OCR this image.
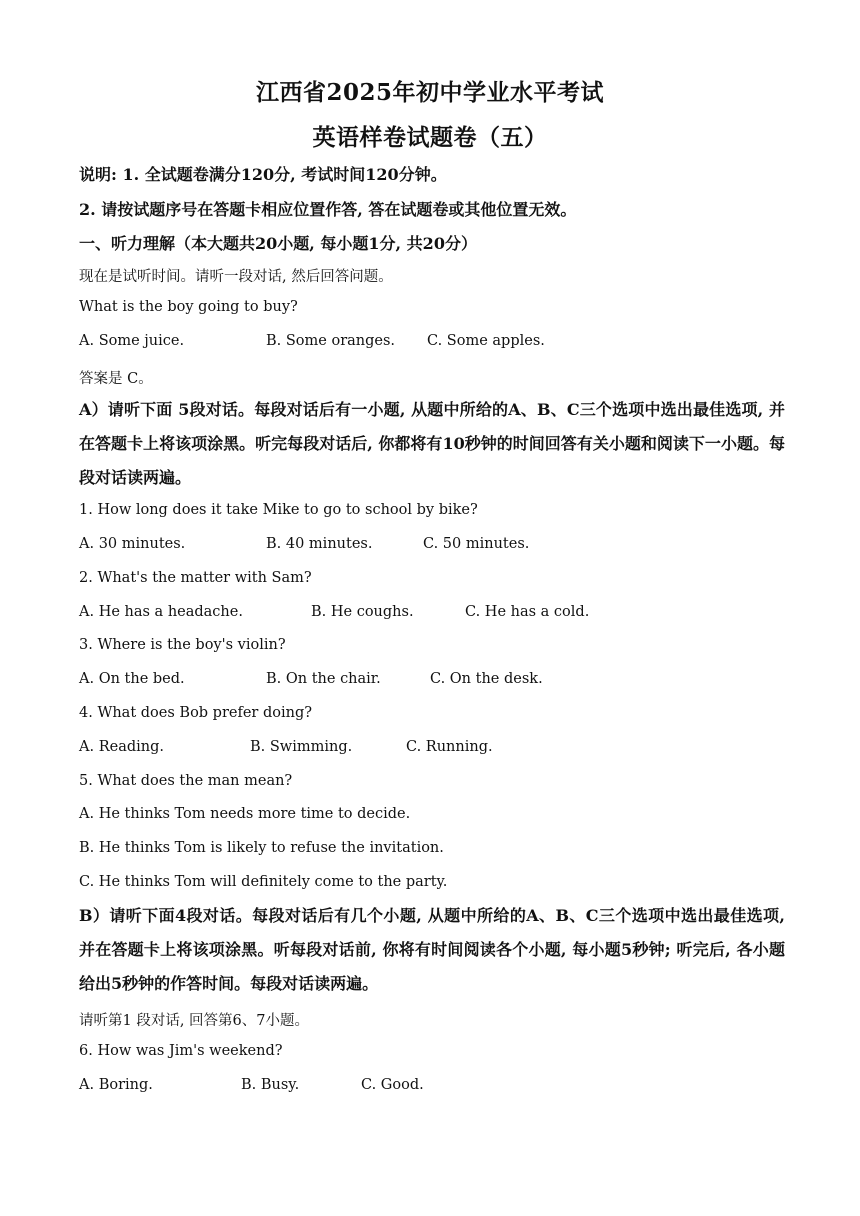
江西省2025年初中学业水平考试
英语样卷试题卷（五）
说明: 1. 全试题卷满分120分, 考试时间120分钟。
2. 请按试题序号在答题卡相应位置作答, 答在试题卷或其他位置无效。
一、听力理解（本大题共20小题, 每小题1分, 共20分）
现在是试听时间。请听一段对话, 然后回答问题。
What is the boy going to buy?
A. Some juice.	B. Some oranges. C. Some apples.
答案是 C。
A）请听下面 5段对话。每段对话后有一小题, 从题中所给的A、B、C三个选项中选出最佳选项, 并在答题卡上将该项涂黑。听完每段对话后, 你都将有10秒钟的时间回答有关小题和阅读下一小题。每段对话读两遍。
1. How long does it take Mike to go to school by bike?
A. 30 minutes.	B. 40 minutes.	C. 50 minutes.
2. What's the matter with Sam?
A. He has a headache.	B. He coughs.	C. He has a cold.
3. Where is the boy's violin?
A. On the bed.	B. On the chair.	C. On the desk.
4. What does Bob prefer doing?
A. Reading.	B. Swimming.	C. Running.
5. What does the man mean?
A. He thinks Tom needs more time to decide.
B. He thinks Tom is likely to refuse the invitation.
C. He thinks Tom will definitely come to the party.
B）请听下面4段对话。每段对话后有几个小题, 从题中所给的A、B、C三个选项中选出最佳选项, 并在答题卡上将该项涂黑。听每段对话前, 你将有时间阅读各个小题, 每小题5秒钟; 听完后, 各小题给出5秒钟的作答时间。每段对话读两遍。
请听第1 段对话, 回答第6、7小题。
6. How was Jim's weekend?
A. Boring.	B. Busy.	C. Good.
